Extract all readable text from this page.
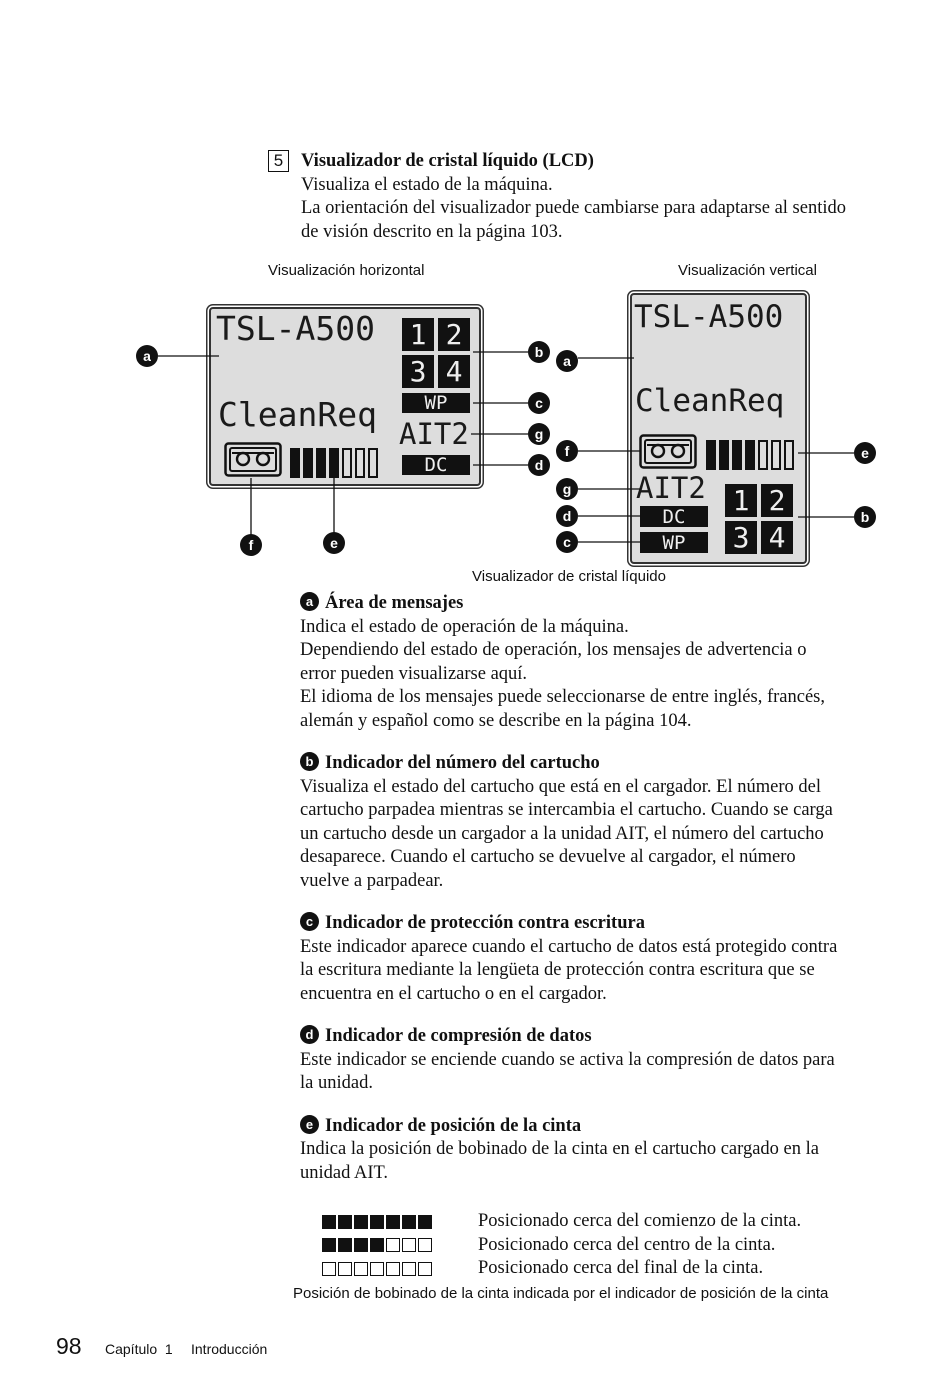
5 Visualizador de cristal líquido (LCD)
Visualiza el estado de la máquina.
La orientación del visualizador puede cambiarse para adaptarse al sentido
de visión descrito en la página 103.
Visualización horizontal	Visualización vertical
TSL-A500
CleanReq
1 2
3 4
WP
AIT2
DC
TSL-A500
CleanReq
AIT2
DC
WP
1 2
3 4
a	b
c
g
d
f	e
a
f	e
g
d	b
c
Visualizador de cristal líquido
a Área de mensajes
Indica el estado de operación de la máquina.
Dependiendo del estado de operación, los mensajes de advertencia o
error pueden visualizarse aquí.
El idioma de los mensajes puede seleccionarse de entre inglés, francés,
alemán y español como se describe en la página 104.
b Indicador del número del cartucho
Visualiza el estado del cartucho que está en el cargador. El número del
cartucho parpadea mientras se intercambia el cartucho. Cuando se carga
un cartucho desde un cargador a la unidad AIT, el número del cartucho
desaparece. Cuando el cartucho se devuelve al cargador, el número
vuelve a parpadear.
c Indicador de protección contra escritura
Este indicador aparece cuando el cartucho de datos está protegido contra
la escritura mediante la lengüeta de protección contra escritura que se
encuentra en el cartucho o en el cargador.
d Indicador de compresión de datos
Este indicador se enciende cuando se activa la compresión de datos para
la unidad.
e Indicador de posición de la cinta
Indica la posición de bobinado de la cinta en el cartucho cargado en la
unidad AIT.
Posicionado cerca del comienzo de la cinta.
Posicionado cerca del centro de la cinta.
Posicionado cerca del final de la cinta.
Posición de bobinado de la cinta indicada por el indicador de posición de la cinta
98 Capítulo  1 Introducción
